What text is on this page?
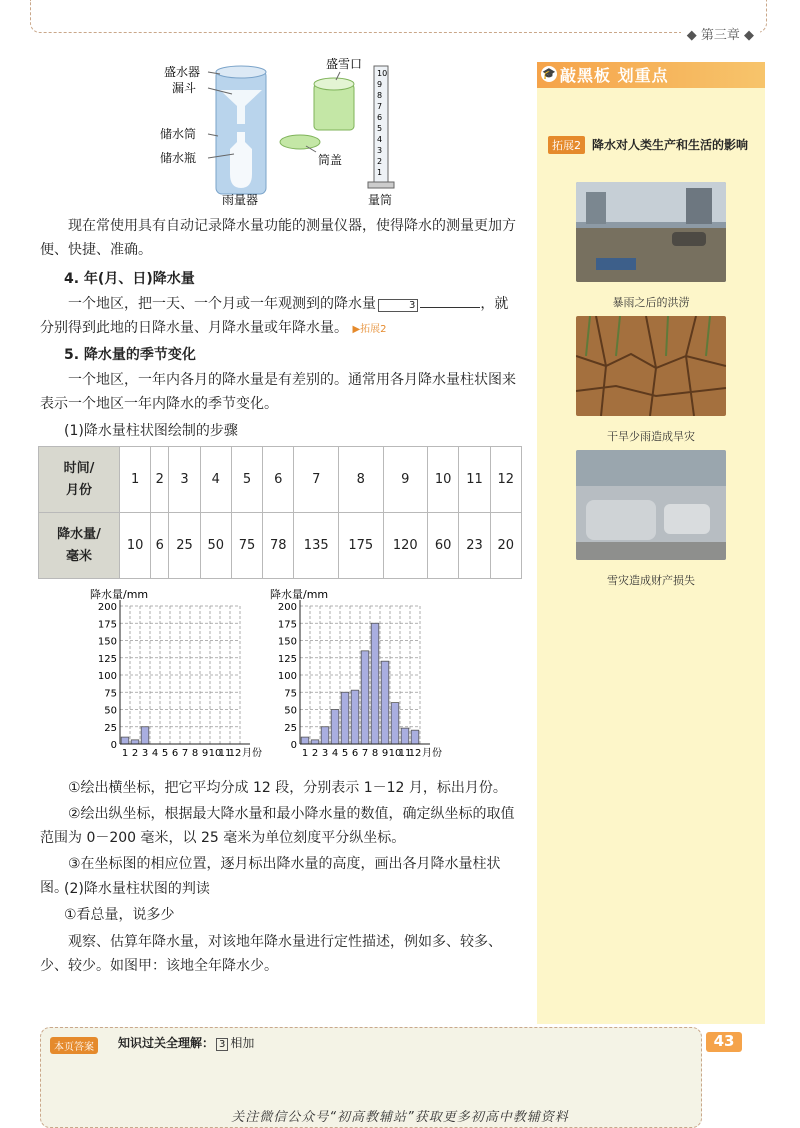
◆ 第三章 ◆
10
9
8
7
6
5
4
3
2
1
盛水器
漏斗
储水筒
储水瓶
雨量器
盛雪口
筒盖
量筒
现在常使用具有自动记录降水量功能的测量仪器，使得降水的测量更加方便、快捷、准确。
4. 年(月、日)降水量
一个地区，把一天、一个月或一年观测到的降水量	3	，就分别得到此地的日降水量、月降水量或年降水量。 ▶拓展2
5. 降水量的季节变化
一个地区，一年内各月的降水量是有差别的。通常用各月降水量柱状图来表示一个地区一年内降水的季节变化。
(1)降水量柱状图绘制的步骤
时间/
月份	1	2	3	4	5	6	7	8	9	10	11	12
降水量/
毫米	10	6	25	50	75	78	135	175	120	60	23	20
降水量/mm
0
25
50
75
100
125
150
175
200
1 2 3 4 5 6 7 8 9 10
11
12 月份
降水量/mm
0
25
50
75
100
125
150
175
200
1 2 3 4 5 6 7 8 9 10
11
12 月份
①绘出横坐标，把它平均分成 12 段，分别表示 1－12 月，标出月份。
②绘出纵坐标，根据最大降水量和最小降水量的数值，确定纵坐标的取值范围为 0－200 毫米，以 25 毫米为单位刻度平分纵坐标。
③在坐标图的相应位置，逐月标出降水量的高度，画出各月降水量柱状图。
(2)降水量柱状图的判读
①看总量，说多少
观察、估算年降水量，对该地年降水量进行定性描述，例如多、较多、少、较少。如图甲：该地全年降水少。
🎓 敲黑板 划重点
拓展2 降水对人类生产和生活的影响
暴雨之后的洪涝
干旱少雨造成旱灾
雪灾造成财产损失
本页答案	知识过关全理解： 3 相加	43
关注微信公众号“初高教辅站”获取更多初高中教辅资料
